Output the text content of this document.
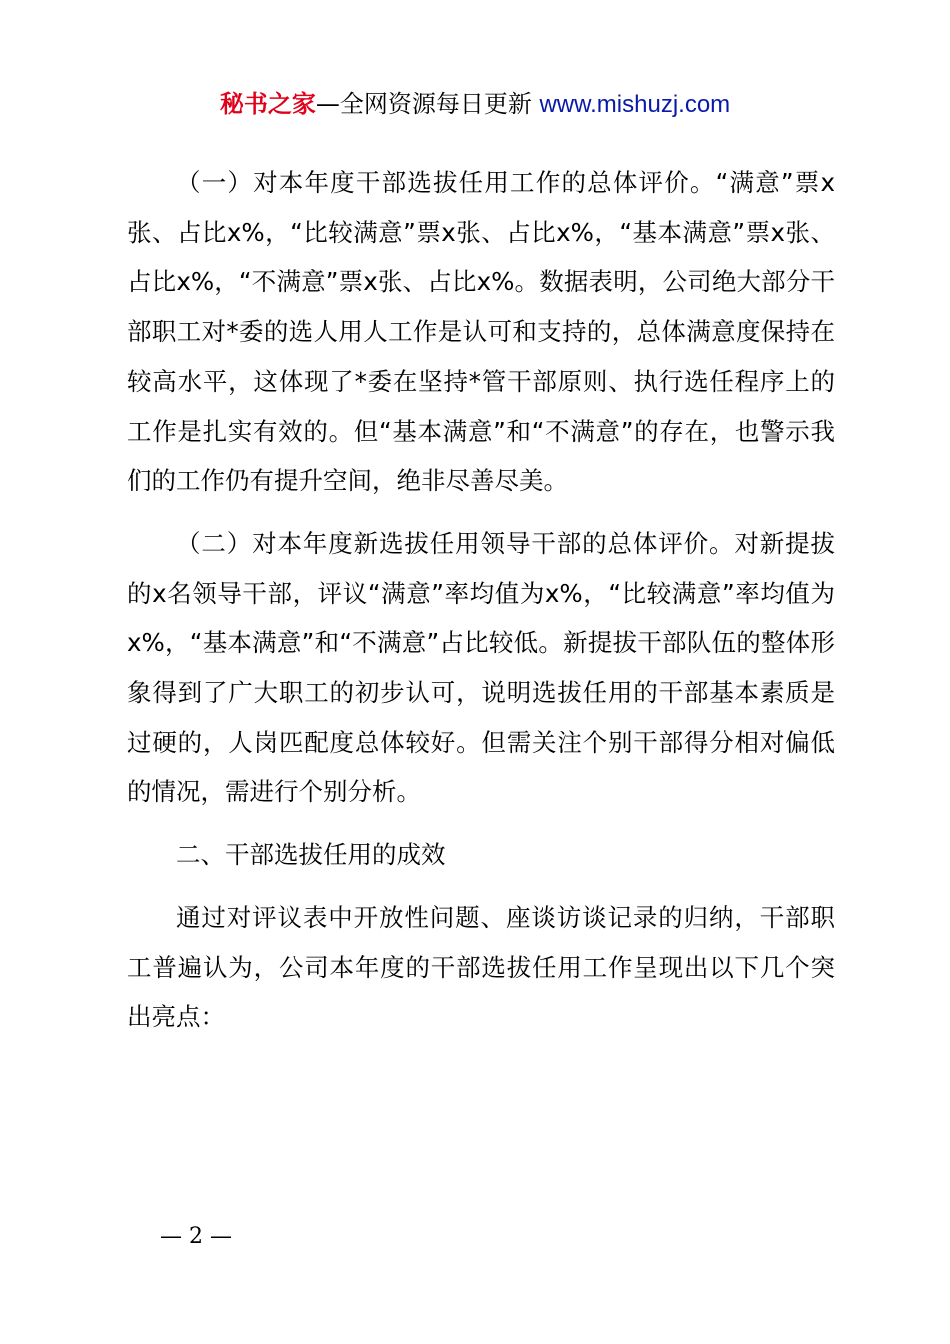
秘书之家—全网资源每日更新 www.mishuzj.com

（一）对本年度干部选拔任用工作的总体评价。“满意”票x张、占比x%，“比较满意”票x张、占比x%，“基本满意”票x张、占比x%，“不满意”票x张、占比x%。数据表明，公司绝大部分干部职工对*委的选人用人工作是认可和支持的，总体满意度保持在较高水平，这体现了*委在坚持*管干部原则、执行选任程序上的工作是扎实有效的。但“基本满意”和“不满意”的存在，也警示我们的工作仍有提升空间，绝非尽善尽美。

（二）对本年度新选拔任用领导干部的总体评价。对新提拔的x名领导干部，评议“满意”率均值为x%，“比较满意”率均值为x%，“基本满意”和“不满意”占比较低。新提拔干部队伍的整体形象得到了广大职工的初步认可，说明选拔任用的干部基本素质是过硬的，人岗匹配度总体较好。但需关注个别干部得分相对偏低的情况，需进行个别分析。

二、干部选拔任用的成效

通过对评议表中开放性问题、座谈访谈记录的归纳，干部职工普遍认为，公司本年度的干部选拔任用工作呈现出以下几个突出亮点：

— 2 —
